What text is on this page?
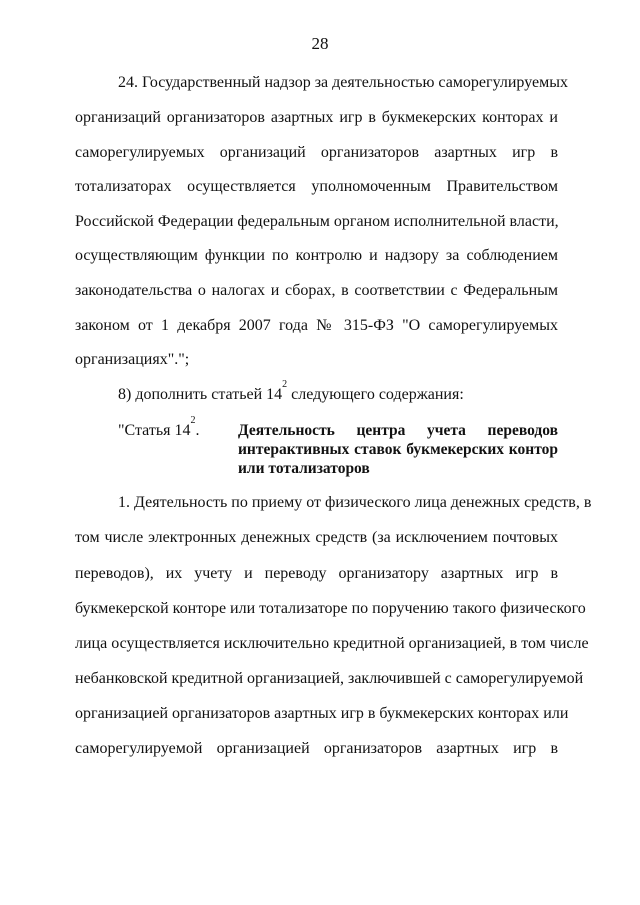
28
24. Государственный надзор за деятельностью саморегулируемых
организаций организаторов азартных игр в букмекерских конторах и
саморегулируемых организаций организаторов азартных игр в
тотализаторах осуществляется уполномоченным Правительством
Российской Федерации федеральным органом исполнительной власти,
осуществляющим функции по контролю и надзору за соблюдением
законодательства о налогах и сборах, в соответствии с Федеральным
законом от 1 декабря 2007 года № 315-ФЗ "О саморегулируемых
организациях".";
8) дополнить статьей $14^2$ следующего содержания:
"Статья $14^2$. Деятельность центра учета переводов
интерактивных ставок букмекерских контор
или тотализаторов
1. Деятельность по приему от физического лица денежных средств, в
том числе электронных денежных средств (за исключением почтовых
переводов), их учету и переводу организатору азартных игр в
букмекерской конторе или тотализаторе по поручению такого физического
лица осуществляется исключительно кредитной организацией, в том числе
небанковской кредитной организацией, заключившей с саморегулируемой
организацией организаторов азартных игр в букмекерских конторах или
саморегулируемой организацией организаторов азартных игр в
